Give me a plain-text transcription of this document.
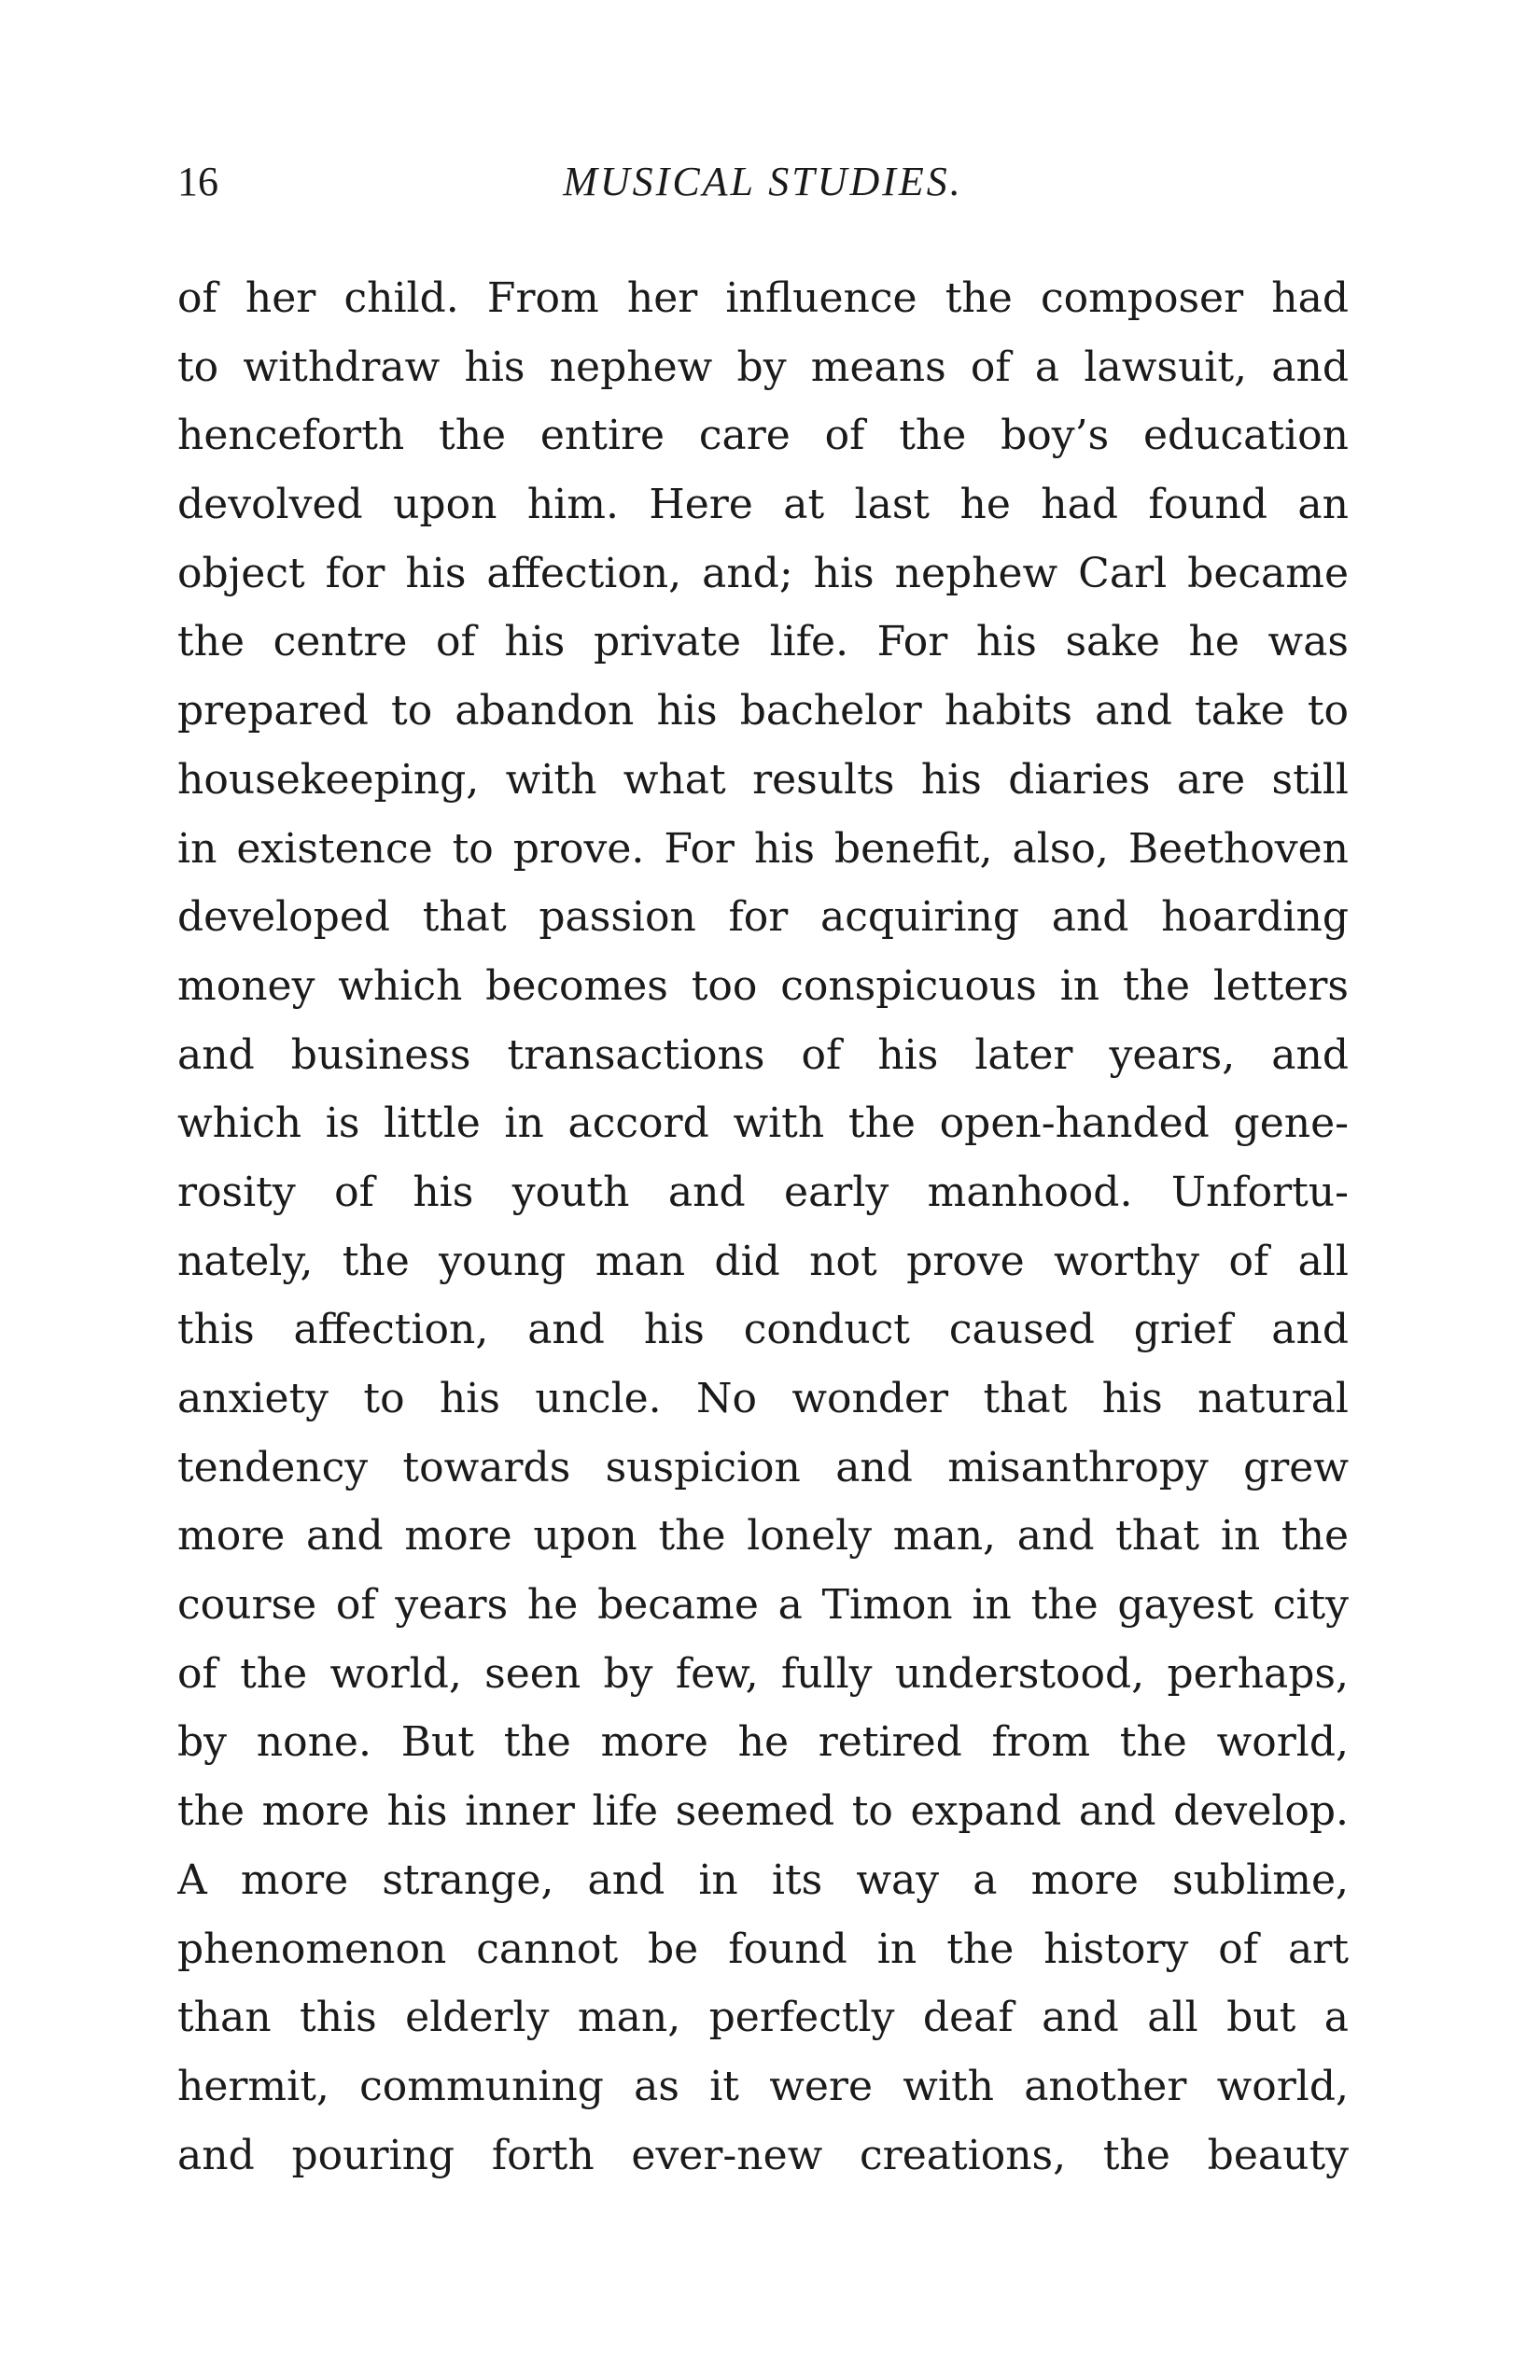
16	MUSICAL STUDIES.
of her child. From her influence the composer had
to withdraw his nephew by means of a lawsuit, and
henceforth the entire care of the boy’s education
devolved upon him. Here at last he had found an
object for his affection, and; his nephew Carl became
the centre of his private life. For his sake he was
prepared to abandon his bachelor habits and take to
housekeeping, with what results his diaries are still
in existence to prove. For his benefit, also, Beethoven
developed that passion for acquiring and hoarding
money which becomes too conspicuous in the letters
and business transactions of his later years, and
which is little in accord with the open-handed gene-
rosity of his youth and early manhood. Unfortu-
nately, the young man did not prove worthy of all
this affection, and his conduct caused grief and
anxiety to his uncle. No wonder that his natural
tendency towards suspicion and misanthropy grew
more and more upon the lonely man, and that in the
course of years he became a Timon in the gayest city
of the world, seen by few, fully understood, perhaps,
by none. But the more he retired from the world,
the more his inner life seemed to expand and develop.
A more strange, and in its way a more sublime,
phenomenon cannot be found in the history of art
than this elderly man, perfectly deaf and all but a
hermit, communing as it were with another world,
and pouring forth ever-new creations, the beauty
